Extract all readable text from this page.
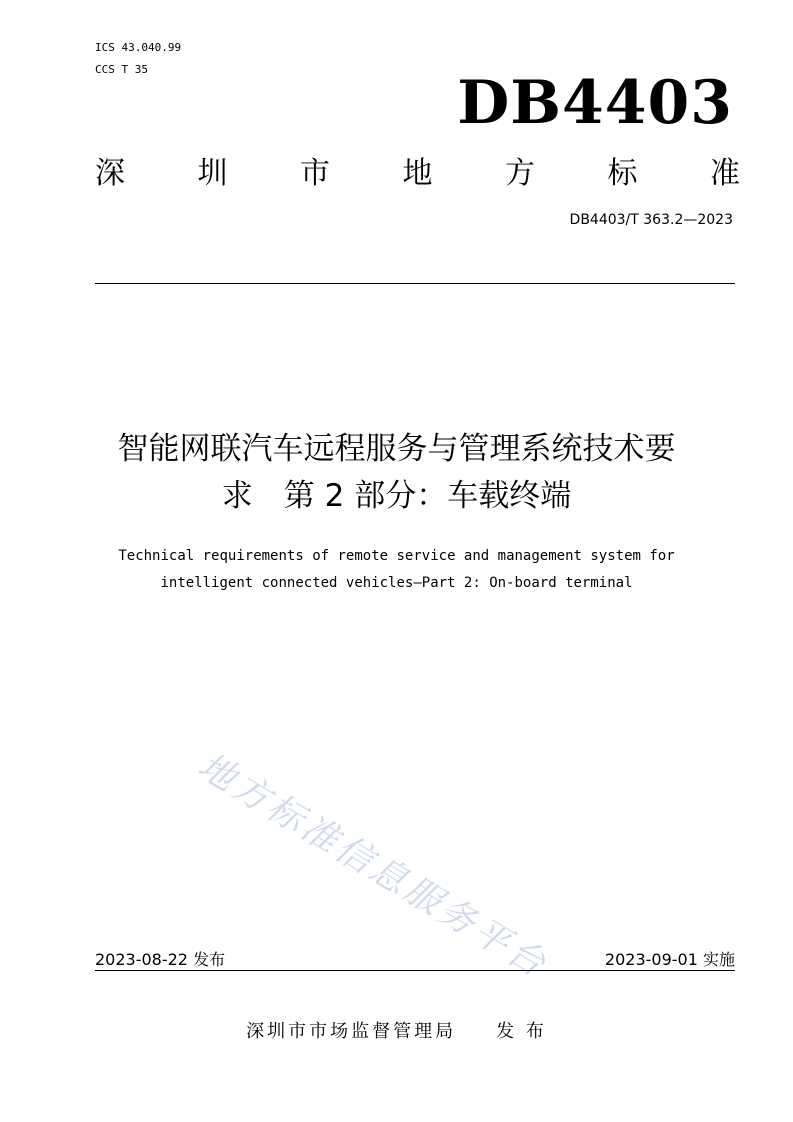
ICS 43.040.99
CCS T 35	DB4403
深 圳 市 地 方 标 准
DB4403/T 363.2—2023
智能网联汽车远程服务与管理系统技术要
求　第 2 部分：车载终端
Technical requirements of remote service and management system for
intelligent connected vehicles—Part 2: On-board terminal
地方标准信息服务平台
2023-08-22 发布	2023-09-01 实施
深圳市市场监督管理局 发 布
